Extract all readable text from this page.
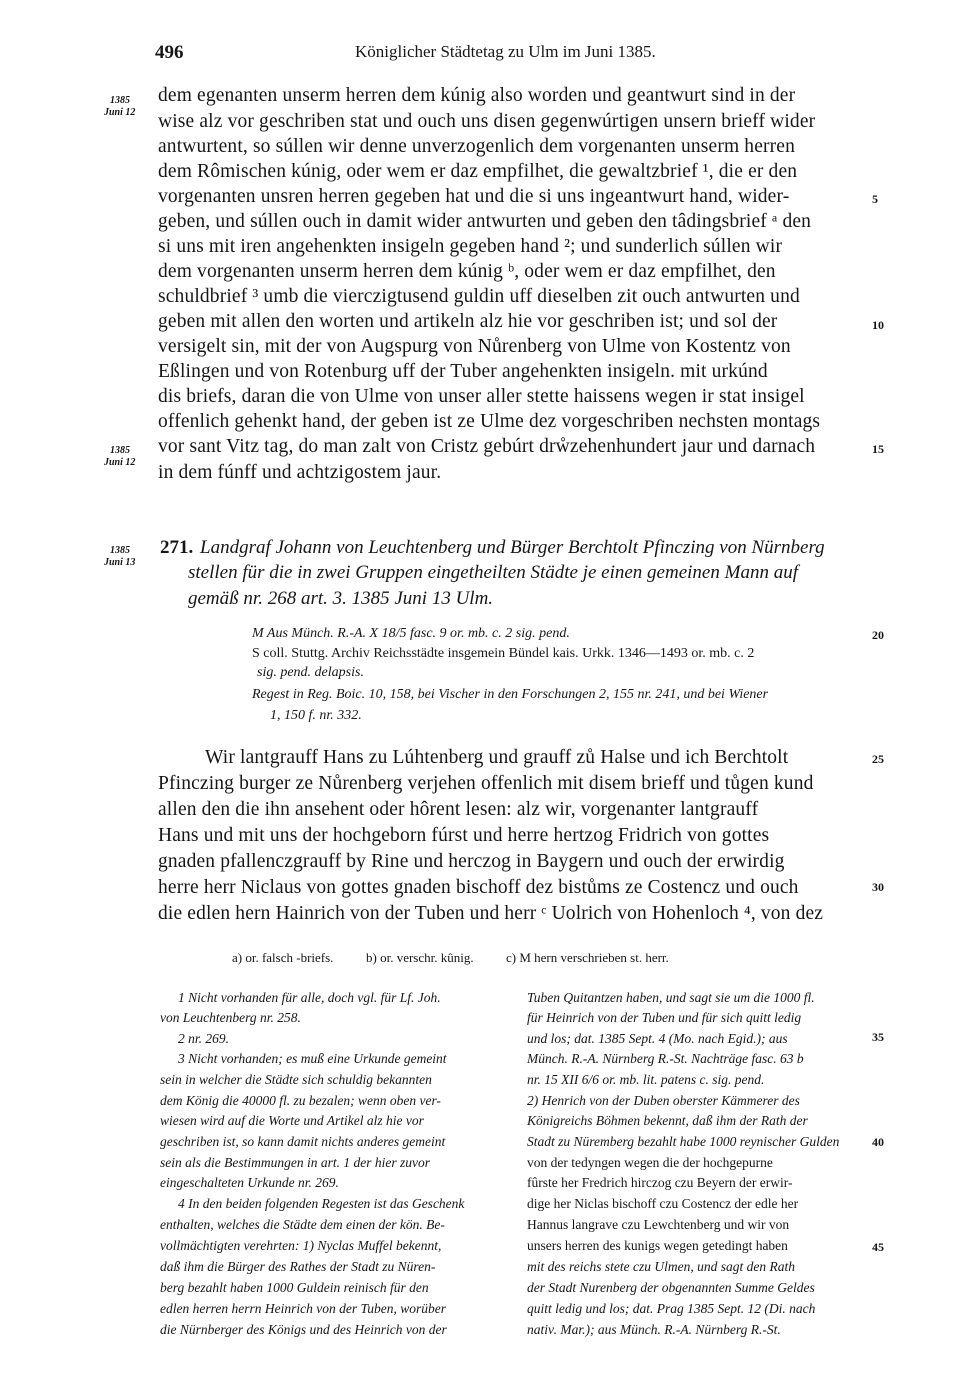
496	Königlicher Städtetag zu Ulm im Juni 1385.
1385
Juni 12
1385
Juni 12
1385
Juni 13
5
10
15
20
25
30
35
40
45
dem egenanten unserm herren dem kúnig also worden und geantwurt sind in der
wise alz vor geschriben stat und ouch uns disen gegenwúrtigen unsern brieff wider
antwurtent, so súllen wir denne unverzogenlich dem vorgenanten unserm herren
dem Rômischen kúnig, oder wem er daz empfilhet, die gewaltzbrief ¹, die er den
vorgenanten unsren herren gegeben hat und die si uns ingeantwurt hand, wider-
geben, und súllen ouch in damit wider antwurten und geben den tâdingsbrief ᵃ den
si uns mit iren angehenkten insigeln gegeben hand ²; und sunderlich súllen wir
dem vorgenanten unserm herren dem kúnig ᵇ, oder wem er daz empfilhet, den
schuldbrief ³ umb die vierczigtusend guldin uff dieselben zit ouch antwurten und
geben mit allen den worten und artikeln alz hie vor geschriben ist; und sol der
versigelt sin, mit der von Augspurg von Nůrenberg von Ulme von Kostentz von
Eßlingen und von Rotenburg uff der Tuber angehenkten insigeln. mit urkúnd
dis briefs, daran die von Ulme von unser aller stette haissens wegen ir stat insigel
offenlich gehenkt hand, der geben ist ze Ulme dez vorgeschriben nechsten montags
vor sant Vitz tag, do man zalt von Cristz gebúrt drẘzehenhundert jaur und darnach
in dem fúnff und achtzigostem jaur.
271. Landgraf Johann von Leuchtenberg und Bürger Berchtolt Pfinczing von Nürnberg
stellen für die in zwei Gruppen eingetheilten Städte je einen gemeinen Mann auf
gemäß nr. 268 art. 3. 1385 Juni 13 Ulm.
M Aus Münch. R.-A. X 18/5 fasc. 9 or. mb. c. 2 sig. pend.
S coll. Stuttg. Archiv Reichsstädte insgemein Bündel kais. Urkk. 1346—1493 or. mb. c. 2
sig. pend. delapsis.
Regest in Reg. Boic. 10, 158, bei Vischer in den Forschungen 2, 155 nr. 241, und bei Wiener
1, 150 f. nr. 332.
Wir lantgrauff Hans zu Lúhtenberg und grauff zů Halse und ich Berchtolt
Pfinczing burger ze Nůrenberg verjehen offenlich mit disem brieff und tůgen kund
allen den die ihn ansehent oder hôrent lesen: alz wir, vorgenanter lantgrauff
Hans und mit uns der hochgeborn fúrst und herre hertzog Fridrich von gottes
gnaden pfallenczgrauff by Rine und herczog in Baygern und ouch der erwirdig
herre herr Niclaus von gottes gnaden bischoff dez bistůms ze Costencz und ouch
die edlen hern Hainrich von der Tuben und herr ᶜ Uolrich von Hohenloch ⁴, von dez
a) or. falsch -briefs.	b) or. verschr. kûnig. c) M hern verschrieben st. herr.
1 Nicht vorhanden für alle, doch vgl. für Lf. Joh.
von Leuchtenberg nr. 258.
2 nr. 269.
3 Nicht vorhanden; es muß eine Urkunde gemeint
sein in welcher die Städte sich schuldig bekannten
dem König die 40000 fl. zu bezalen; wenn oben ver-
wiesen wird auf die Worte und Artikel alz hie vor
geschriben ist, so kann damit nichts anderes gemeint
sein als die Bestimmungen in art. 1 der hier zuvor
eingeschalteten Urkunde nr. 269.
4 In den beiden folgenden Regesten ist das Geschenk
enthalten, welches die Städte dem einen der kön. Be-
vollmächtigten verehrten: 1) Nyclas Muffel bekennt,
daß ihm die Bürger des Rathes der Stadt zu Nüren-
berg bezahlt haben 1000 Guldein reinisch für den
edlen herren herrn Heinrich von der Tuben, worüber
die Nürnberger des Königs und des Heinrich von der
Tuben Quitantzen haben, und sagt sie um die 1000 fl.
für Heinrich von der Tuben und für sich quitt ledig
und los; dat. 1385 Sept. 4 (Mo. nach Egid.); aus
Münch. R.-A. Nürnberg R.-St. Nachträge fasc. 63 b
nr. 15 XII 6/6 or. mb. lit. patens c. sig. pend.
2) Henrich von der Duben oberster Kämmerer des
Königreichs Böhmen bekennt, daß ihm der Rath der
Stadt zu Nüremberg bezahlt habe 1000 reynischer Gulden
von der tedyngen wegen die der hochgepurne
fûrste her Fredrich hirczog czu Beyern der erwir-
dige her Niclas bischoff czu Costencz der edle her
Hannus langrave czu Lewchtenberg und wir von
unsers herren des kunigs wegen getedingt haben
mit des reichs stete czu Ulmen, und sagt den Rath
der Stadt Nurenberg der obgenannten Summe Geldes
quitt ledig und los; dat. Prag 1385 Sept. 12 (Di. nach
natiᴠ. Mar.); aus Münch. R.-A. Nürnberg R.-St.
